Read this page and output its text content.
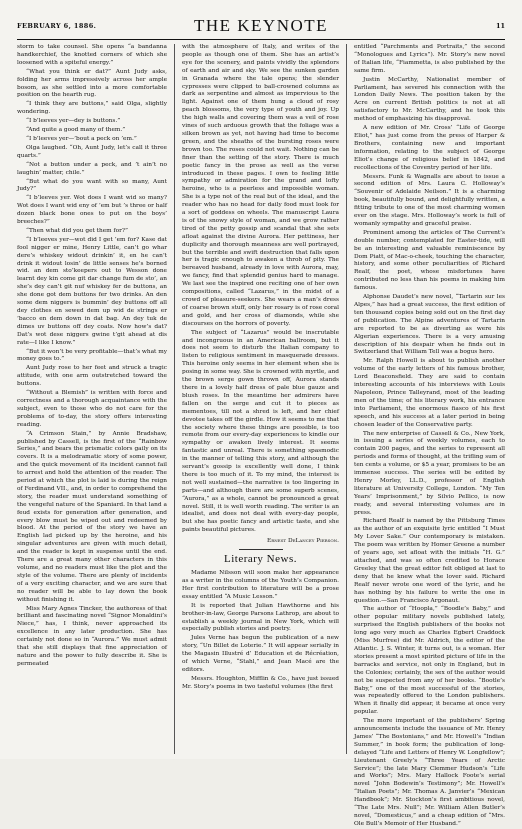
FEBRUARY 6, 1886.	THE KEYNOTE	11

storm to take counsel. She opens “a bandanna handkerchief, the knotted corners of which she loosened with a spiteful energy.”

“What you think er dat?” Aunt Judy asks, folding her arms impressively across her ample bosom, as she settled into a more comfortable position on the hearth rug.

“I think they are buttons,” said Olga, slightly wondering.

“I b’leeves yer—dey is buttons.”

“And quite a good many of them.”

“I b’leeves yer—’bout a peck on ’em.”

Olga laughed. “Oh, Aunt Judy, let’s call it three quarts.”

“Not a button under a peck, and ’t ain’t no laughin’ matter, chile.”

“But what do you want with so many, Aunt Judy?”

“I b’leeves yer. Wot does I want wid so many? Wot does I want wid eny of ’em but ’s three or half dozen black bone ones to put on the boys’ breeches?”

“Then what did you get them for?”

“I b’leeves yer—wot did I get ’em for? Kase dat fool nigger er mine, Henry Little, can’t go whar dere’s whiskey widout drinkin’ it, en he can’t drink it widout losin’ de little senses he’s borned wid. an dem sto’keepers out to Wesson done learnt dey kin come git dar change fum de sto’, an she’s dey can’t git nuf whiskey fer de buttons, an she done got dem buttons fer two drinks. An den some dem niggers is bummin’ dey buttons off all dey clothes en sewed dem up wid de strings er ’bacco en dem down in dat bag. An dey tuk de dimes uv buttons off dey coats. Now how’s dat? Dat’s wot dese niggers gwine t’git ahead at dis rate—I like I know.”

“But it won’t be very profitable—that’s what my money goes to.”

Aunt Judy rose to her feet and struck a tragic attitude, with one arm outstretched toward the buttons.

“Without a Blemish” is written with force and correctness and a thorough acquaintance with the subject, even to those who do not care for the problems of to-day, the story offers interesting reading.

“A Crimson Stain,” by Annie Bradshaw, published by Cassell, is the first of the “Rainbow Series,” and bears the prismatic colors gaily on its covers. It is a melodramatic story of some power, and the quick movement of its incident cannot fail to arrest and hold the attention of the reader. The period at which the plot is laid is during the reign of Ferdinand VII., and, in order to comprehend the story, the reader must understand something of the vengeful nature of the Spaniard. In that land a feud exists for generation after generation, and every blow must be wiped out and redeemed by blood. At the period of the story we have an English lad picked up by the heroine, and his singular adventures are given with much detail, and the reader is kept in suspense until the end. There are a great many other characters in this volume, and no readers must like the plot and the style of the volume. There are plenty of incidents of a very exciting character, and we are sure that no reader will be able to lay down the book without finishing it.

Miss Mary Agnes Tincker, the authoress of that brilliant and fascinating novel “Signor Monaldini’s Niece,” has, I think, never approached its excellence in any later production. She has certainly not done so in “Aurora.” We must admit that she still displays that fine appreciation of nature and the power to fully describe it. She is permeated

with the atmosphere of Italy, and writes of the people as though one of them. She has an artist’s eye for the scenery, and paints vividly the splendors of earth and air and sky. We see the sunken garden in Granada where the tale opens; the slender cypresses were clipped to ball-crowned columns as dark as serpentine and almost as impervious to the light. Against one of them hung a cloud of rosy peach blossoms, the very type of youth and joy. Up the high walls and covering them was a veil of rose vines of such arduous growth that the foliage was a silken brown as yet, not having had time to become green, and the sheaths of the bursting roses were brown too. The roses could not wait. Nothing can be finer than the setting of the story. There is much poetic fancy in the prose as well as the verse introduced in these pages. I own to feeling little sympathy or admiration for the grand and lofty heroine, who is a peerless and impossible woman. She is a type not of the real but of the ideal, and the reader who has no head for daily food must look for a sort of goddess on wheels. The manuscript Laura is of the snowy style of woman, and we grow rather tired of the petty gossip and scandal that she sets afloat against the divine Aurora. Her pettiness, her duplicity and thorough meanness are well portrayed, but the terrible and swift destruction that falls upon her is tragic enough to awaken a throb of pity. The bereaved husband, already in love with Aurora, may, we fancy, find that splendid genius hard to manage. We last see the inspired one reciting one of her own compositions, called “Lazarus,” in the midst of a crowd of pleasure-seekers. She wears a man’s dress of coarse brown stuff, only her rosary is of rose coral and gold, and her cross of diamonds, while she discourses on the horrors of poverty.

The subject of “Lazarus” would be inscrutable and incongruous in an American ballroom, but it does not seem to disturb the Italian company to listen to religious sentiment in masquerade dresses. This heroine only seems in her element when she is posing in some way. She is crowned with myrtle, and the brown serge gown thrown off, Aurora stands there in a lovely half dress of pale blue gauze and blush roses. In the meantime her admirers have fallen on the serge and cut it to pieces as mementoes, till not a shred is left, and her chief devotee takes off the girdle. How it seems to me that the society where these things are possible, is too remote from our every-day experiences to kindle our sympathy or awaken lively interest. It seems fantastic and unreal. There is something spasmodic in the manner of telling this story, and although the servant’s gossip is excellently well done, I think there is too much of it. To my mind, the interest is not well sustained—the narrative is too lingering in parts—and although there are some superb scenes, “Aurora,” as a whole, cannot be pronounced a great novel. Still, it is well worth reading. The writer is an idealist, and does not deal with every-day people, but she has poetic fancy and artistic taste, and she paints beautiful pictures.

Ernest DeLancey Pierson.

Literary News.

Madame Nilsson will soon make her appearance as a writer in the columns of the Youth’s Companion. Her first contribution to literature will be a prose essay entitled “A Music Lesson.”

It is reported that Julian Hawthorne and his brother-in-law, George Parsons Lathrop, are about to establish a weekly journal in New York, which will especially publish stories and poetry.

Jules Verne has begun the publication of a new story, “Un Billet de Loterie.” It will appear serially in the Magasin Illustré d’ Education et de Récréation, of which Verne, “Stahl,” and Jean Macé are the editors.

Messrs. Houghton, Mifflin & Co., have just issued Mr. Story’s poems in two tasteful volumes (the first

entitled “Parchments and Portraits,” the second “Monologues and Lyrics”). Mr. Story’s new novel of Italian life, “Fiammetta, is also published by the same firm.

Justin McCarthy, Nationalist member of Parliament, has severed his connection with the London Daily News. The position taken by the Acre on current British politics is not at all satisfactory to Mr. McCarthy, and he took this method of emphasizing his disapproval.

A new edition of Mr. Cross’ “Life of George Eliot,” has just come from the press of Harper & Brothers, containing new and important information, relating to the subject of George Eliot’s change of religious belief in 1842, and recollections of the Coventry period of her life.

Messrs. Funk & Wagnalls are about to issue a second edition of Mrs. Laura C. Holloway’s “Souvenir of Adelaide Neilson.” It is a charming book, beautifully bound, and delightfully written, a fitting tribute to one of the most charming women ever on the stage. Mrs. Holloway’s work is full of womanly sympathy and graceful praise.

Prominent among the articles of The Current’s double number, contemplated for Easter-tide, will be an interesting and valuable reminiscence by Dom Piatt, of Mac-o-cheek, touching the character, history, and some other peculiarities of Richard Realf, the poet, whose misfortunes have contributed no less than his poems in making him famous.

Alphonse Daudet’s new novel, “Tartarin sur les Alpes,” has had a great success, the first edition of ten thousand copies being sold out on the first day of publication. The Alpine adventures of Tartarin are reported to be as diverting as were his Algerian experiences. There is a very amusing description of his despair when he finds out in Switzerland that William Tell was a bogus hero.

Mr. Ralph Howell is about to publish another volume of the early letters of his famous brother, Lord Beaconsfield. They are said to contain interesting accounts of his interviews with Louis Napoleon, Prince Talleyrand, most of the leading men of the time; of his literary work, his entrance into Parliament, the enormous fiasco of his first speech, and his success at a later period in being chosen leader of the Conservative party.

The new enterprise of Cassell & Co., New York, in issuing a series of weekly volumes, each to contain 200 pages, and the series to represent all periods and forms of thought, at the trifling sum of ten cents a volume, or $5 a year, promises to be an immense success. The series will be edited by Henry Morley, LL.D., professor of English literature at University College, London. “My Ten Years’ Imprisonment,” by Silvio Pellico, is now ready, and several interesting volumes are in press.

Richard Realf is named by the Pittsburg Times as the author of an exquisite lyric entitled “I Must My Lover Sake.” Our contemporary is mistaken. The poem was written by Homer Greene a number of years ago, set afloat with the initials “H. G.” attached, and was so often credited to Horace Greeley that the great editor felt obliged at last to deny that he knew what the lover said. Richard Realf never wrote one word of the lyric, and he has nothing by his failure to write the one in question.—San Francisco Argonaut.

The author of “Hoopla,” “Boodle’s Baby,” and other popular military novels published lately, surprised the English publishers of the books not long ago very much as Charles Egbert Craddock (Miss Murfree) did Mr. Aldrich, the editor of the Atlantic. J. S. Winter, it turns out, is a woman. Her stories present a most spirited picture of life in the barracks and service, not only in England, but in the Colonies; certainly, the sex of the author would not be suspected from any of her books. “Bootle’s Baby,” one of the most successful of the stories, was repeatedly offered to the London publishers. When it finally did appear, it became at once very popular.

The more important of the publishers’ Spring announcements include the issuance of Mr. Henry James’ “The Bostonians,” and Mr. Howell’s “Indian Summer,” in book form; the publication of long-delayed “Life and Letters of Henry W. Longfellow”; Lieutenant Greely’s “Three Years of Arctic Service”; the late Mary Clemmer Hudson’s “Life and Works”; Mrs. Mary Hallock Foote’s serial novel “John Bodewin’s Testimony”; Mr. Howell’s “Italian Poets”; Mr. Thomas A. Janvier’s “Mexican Handbook”; Mr. Stockton’s first ambitious novel, “The Late Mrs. Null”; Mr. William Allen Butler’s novel, “Domesticus,” and a cheap edition of “Mrs. Ole Bull’s Memoir of Her Husband.”
